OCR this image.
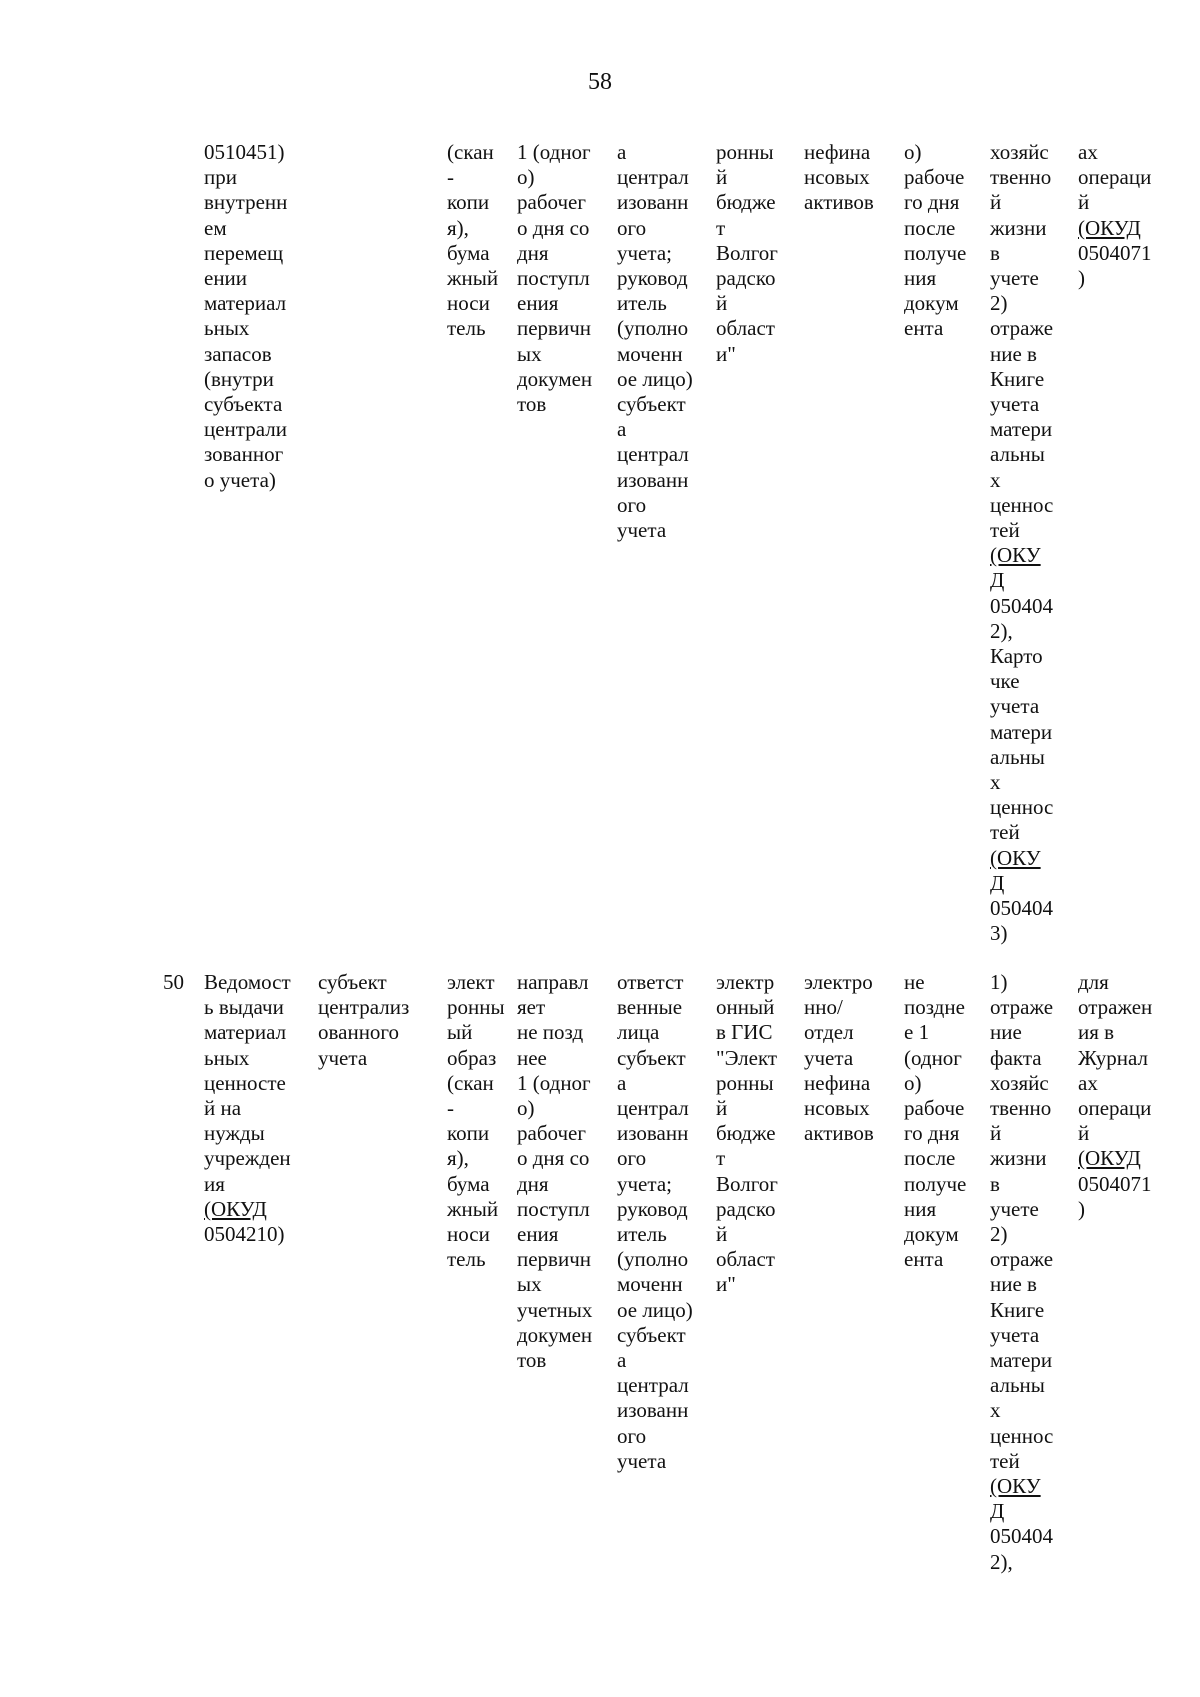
58
0510451)
при
внутренн
ем
перемещ
ении
материал
ьных
запасов
(внутри
субъекта
централи
зованног
о учета)
(скан
-
копи
я),
бума
жный
носи
тель
1 (одног
о)
рабочег
о дня со
дня
поступл
ения
первичн
ых
докумен
тов
а
централ
изованн
ого
учета;
руковод
итель
(уполно
моченн
ое лицо)
субъект
а
централ
изованн
ого
учета
ронны
й
бюдже
т
Волгог
радско
й
област
и"
нефина
нсовых
активов
о)
рабоче
го дня
после
получе
ния
докум
ента
хозяйс
твенно
й
жизни
в
учете
2)
отраже
ние в
Книге
учета
матери
альны
х
ценнос
тей
(ОКУ
Д
050404
2),
Карто
чке
учета
матери
альны
х
ценнос
тей
(ОКУ
Д
050404
3)
ах
операци
й
(ОКУД
0504071
)
50 Ведомост
ь выдачи
материал
ьных
ценносте
й на
нужды
учрежден
ия
(ОКУД
0504210)
субъект
централиз
ованного
учета
элект
ронны
ый
образ
(скан
-
копи
я),
бума
жный
носи
тель
направл
яет
не позд
нее
1 (одног
о)
рабочег
о дня со
дня
поступл
ения
первичн
ых
учетных
докумен
тов
ответст
венные
лица
субъект
а
централ
изованн
ого
учета;
руковод
итель
(уполно
моченн
ое лицо)
субъект
а
централ
изованн
ого
учета
электр
онный
в ГИС
"Элект
ронны
й
бюдже
т
Волгог
радско
й
област
и"
электро
нно/
отдел
учета
нефина
нсовых
активов
не
поздне
е 1
(одног
о)
рабоче
го дня
после
получе
ния
докум
ента
1)
отраже
ние
факта
хозяйс
твенно
й
жизни
в
учете
2)
отраже
ние в
Книге
учета
матери
альны
х
ценнос
тей
(ОКУ
Д
050404
2),
для
отражен
ия в
Журнал
ах
операци
й
(ОКУД
0504071
)
